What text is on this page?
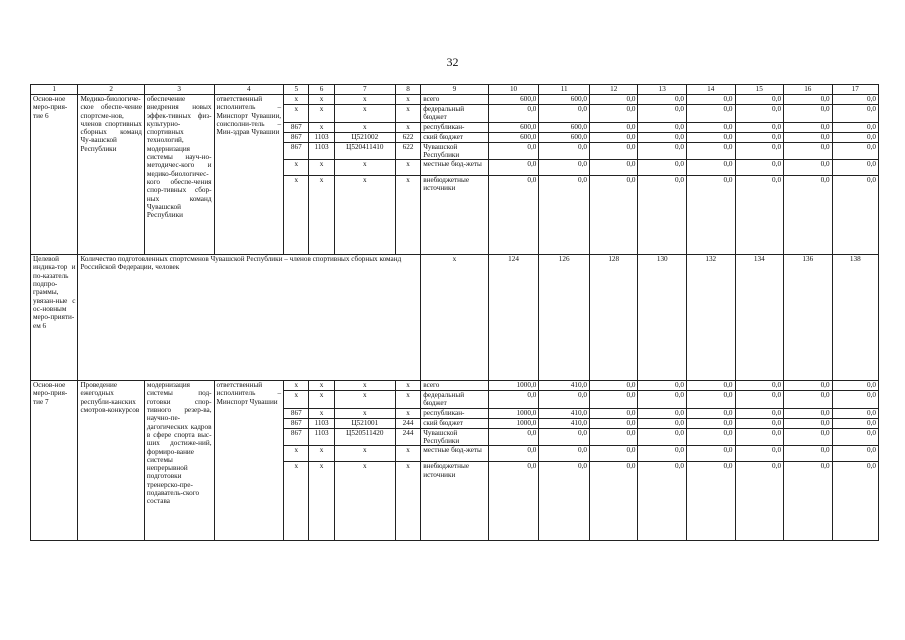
32
1	2	3	4	5	6	7	8	9	10	11	12	13	14	15	16	17
Основ-ное меро-прия-тие 6	Медико-биологиче-ское обеспе-чение спортсме-нов, членов спортивных сборных команд Чу-вашской Республики	обеспечение внедрения новых эффек-тивных физ-культурно-спортивных технологий, модернизация системы науч-но-методичес-кого и медико-биологичес-кого обеспе-чения спор-тивных сбор-ных команд Чувашской Республики	ответственный исполнитель – Минспорт Чувашии, соисполни-тель – Мин-здрав Чувашии	x	x	x	x	всего	600,0	600,0	0,0	0,0	0,0	0,0	0,0	0,0
				x	x	x	x	федеральный бюджет	0,0	0,0	0,0	0,0	0,0	0,0	0,0	0,0
				867	x	x	x	республикан-	600,0	600,0	0,0	0,0	0,0	0,0	0,0	0,0
				867	1103	Ц521002	622	ский бюджет	600,0	600,0	0,0	0,0	0,0	0,0	0,0	0,0
				867	1103	Ц520411410	622	Чувашской Республики	0,0	0,0	0,0	0,0	0,0	0,0	0,0	0,0
				x	x	x	x	местные бюд-жеты	0,0	0,0	0,0	0,0	0,0	0,0	0,0	0,0
				x	x	x	x	внебюджетные источники	0,0	0,0	0,0	0,0	0,0	0,0	0,0	0,0
Целевой индика-тор и по-казатель подпро-граммы, увязан-ные с ос-новным меро-прияти-ем 6	Количество подготовленных спортсменов Чувашской Республики – членов спортивных сборных команд Российской Федерации, человек							x	124	126	128	130	132	134	136	138
Основ-ное меро-прия-тие 7	Проведение ежегодных республи-канских смотров-конкурсов	модернизация системы под-готовки спор-тивного резер-ва, научно-пе-дагогических кадров в сфере спорта выс-ших достиже-ний, формиро-вание системы непрерывной подготовки тренерско-пре-подаватель-ского состава	ответственный исполнитель – Минспорт Чувашии	x	x	x	x	всего	1000,0	410,0	0,0	0,0	0,0	0,0	0,0	0,0
				x	x	x	x	федеральный бюджет	0,0	0,0	0,0	0,0	0,0	0,0	0,0	0,0
				867	x	x	x	республикан-	1000,0	410,0	0,0	0,0	0,0	0,0	0,0	0,0
				867	1103	Ц521001	244	ский бюджет	1000,0	410,0	0,0	0,0	0,0	0,0	0,0	0,0
				867	1103	Ц520511420	244	Чувашской Республики	0,0	0,0	0,0	0,0	0,0	0,0	0,0	0,0
				x	x	x	x	местные бюд-жеты	0,0	0,0	0,0	0,0	0,0	0,0	0,0	0,0
				x	x	x	x	внебюджетные источники	0,0	0,0	0,0	0,0	0,0	0,0	0,0	0,0
